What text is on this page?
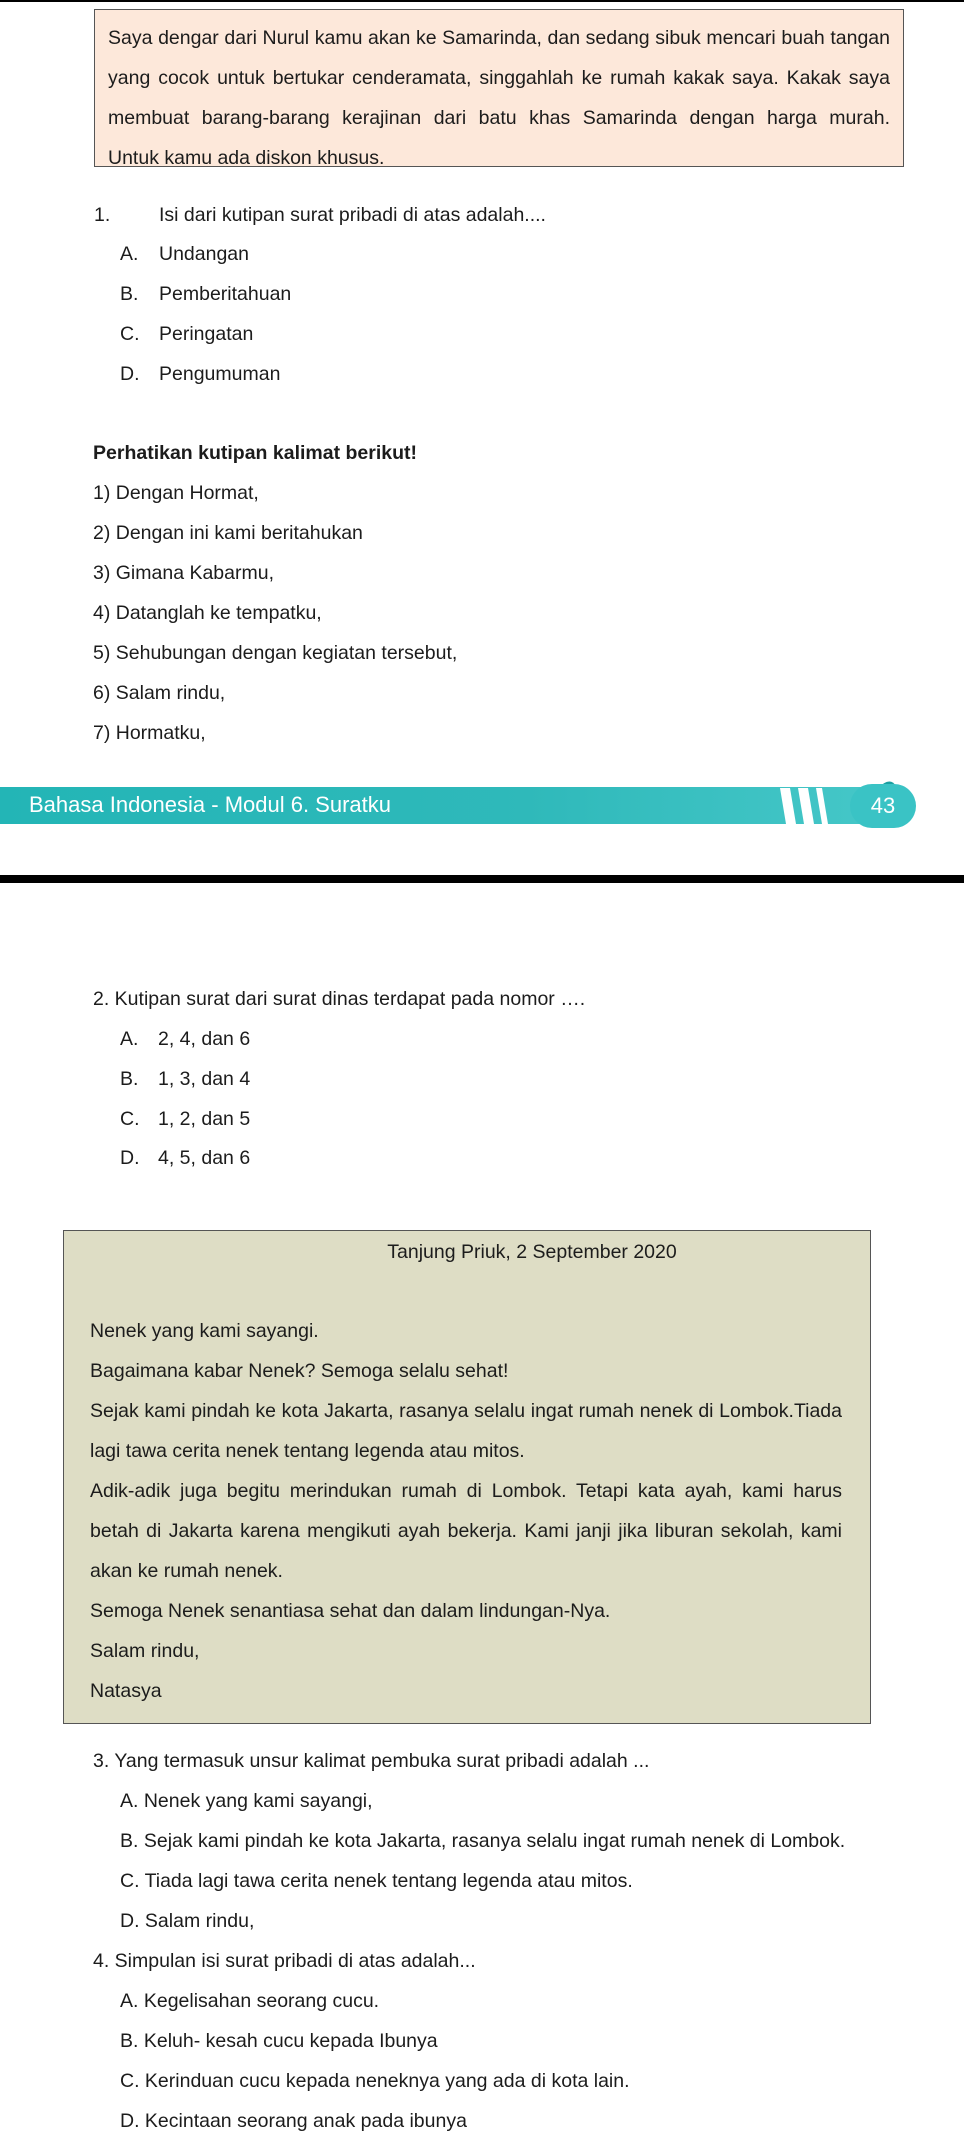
Saya dengar dari Nurul kamu akan ke Samarinda, dan sedang sibuk mencari buah tangan
yang cocok untuk bertukar cenderamata, singgahlah ke rumah kakak saya. Kakak saya
membuat barang-barang kerajinan dari batu khas Samarinda dengan harga murah.
Untuk kamu ada diskon khusus.
1. Isi dari kutipan surat pribadi di atas adalah....
A. Undangan
B. Pemberitahuan
C. Peringatan
D. Pengumuman
Perhatikan kutipan kalimat berikut!
1) Dengan Hormat,
2) Dengan ini kami beritahukan
3) Gimana Kabarmu,
4) Datanglah ke tempatku,
5) Sehubungan dengan kegiatan tersebut,
6) Salam rindu,
7) Hormatku,
Bahasa Indonesia - Modul 6. Suratku	43
2. Kutipan surat dari surat dinas terdapat pada nomor ….
A. 2, 4, dan 6
B. 1, 3, dan 4
C. 1, 2, dan 5
D. 4, 5, dan 6
Tanjung Priuk, 2 September 2020
Nenek yang kami sayangi.
Bagaimana kabar Nenek? Semoga selalu sehat!
Sejak kami pindah ke kota Jakarta, rasanya selalu ingat rumah nenek di Lombok.Tiada
lagi tawa cerita nenek tentang legenda atau mitos.
Adik-adik juga begitu merindukan rumah di Lombok. Tetapi kata ayah, kami harus
betah di Jakarta karena mengikuti ayah bekerja. Kami janji jika liburan sekolah, kami
akan ke rumah nenek.
Semoga Nenek senantiasa sehat dan dalam lindungan-Nya.
Salam rindu,
Natasya
3. Yang termasuk unsur kalimat pembuka surat pribadi adalah ...
A. Nenek yang kami sayangi,
B. Sejak kami pindah ke kota Jakarta, rasanya selalu ingat rumah nenek di Lombok.
C. Tiada lagi tawa cerita nenek tentang legenda atau mitos.
D. Salam rindu,
4. Simpulan isi surat pribadi di atas adalah...
A. Kegelisahan seorang cucu.
B. Keluh- kesah cucu kepada Ibunya
C. Kerinduan cucu kepada neneknya yang ada di kota lain.
D. Kecintaan seorang anak pada ibunya
